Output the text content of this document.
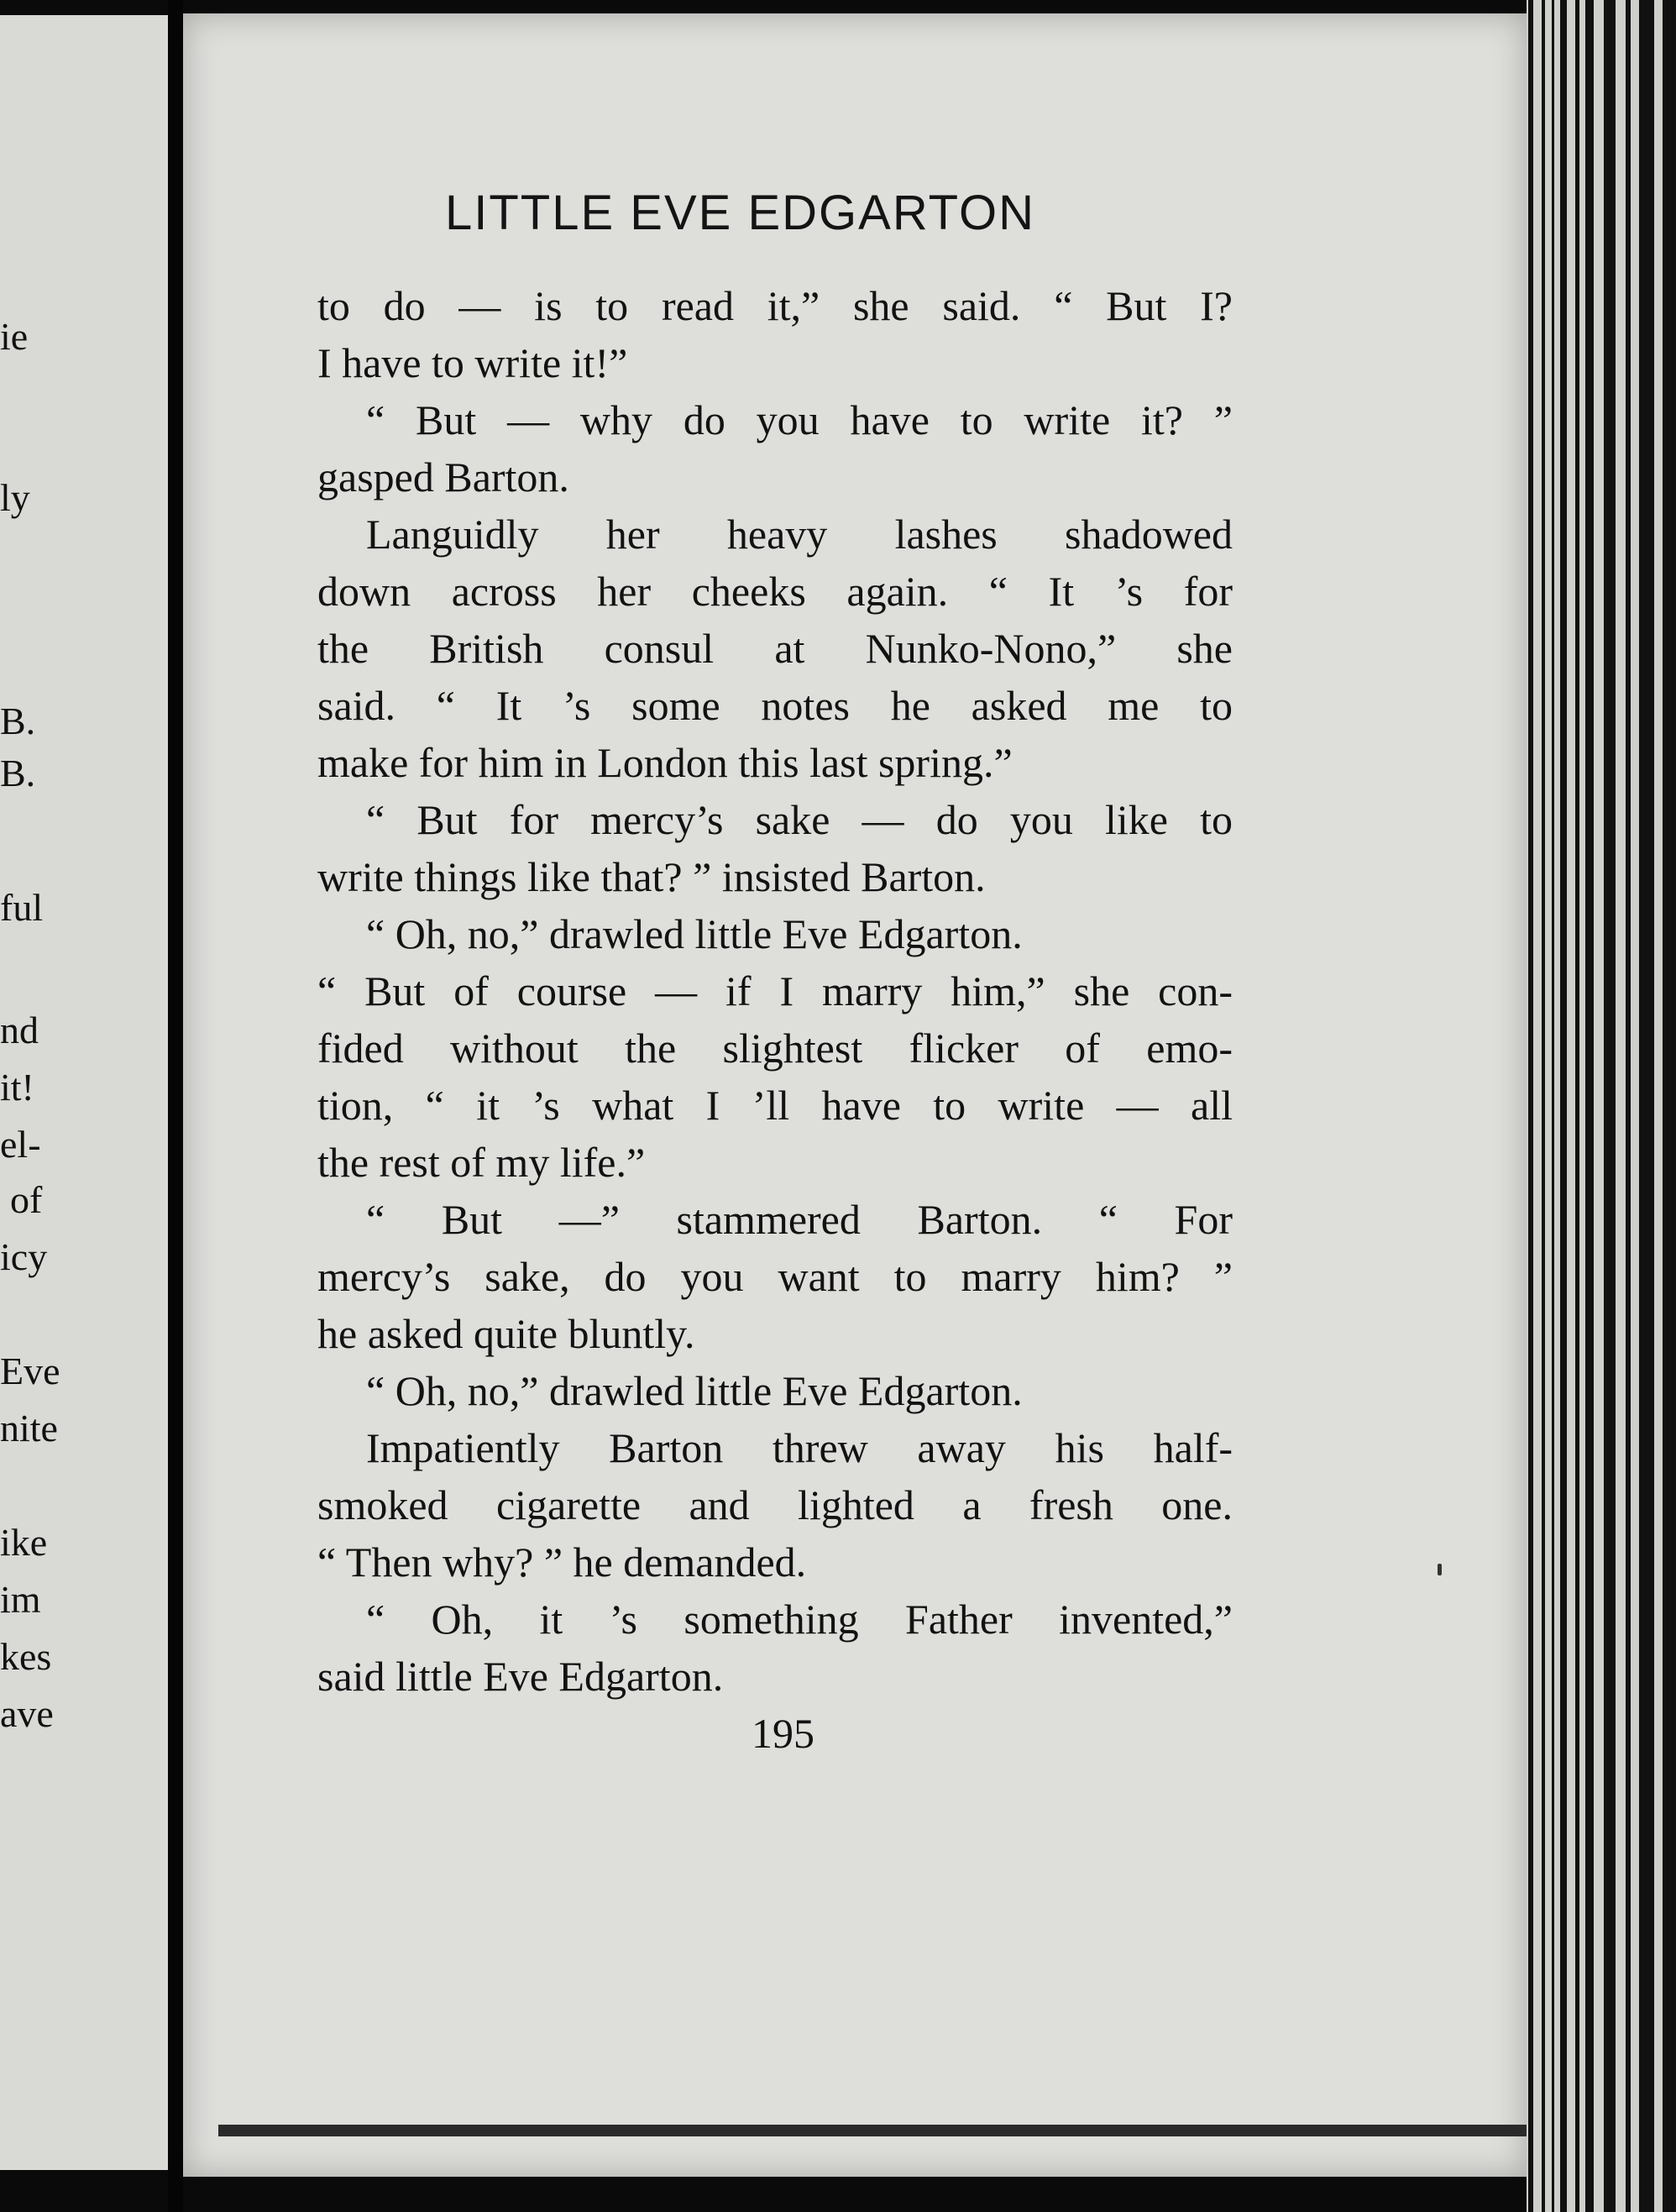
ie
ly
B.
B.
ful
nd
it!
el-
of
icy
Eve
nite
ike
im
kes
ave
LITTLE EVE EDGARTON
to do — is to read it,” she said. “ But I?
I have to write it!”
“ But — why do you have to write it? ”
gasped Barton.
Languidly her heavy lashes shadowed
down across her cheeks again. “ It ’s for
the British consul at Nunko-Nono,” she
said. “ It ’s some notes he asked me to
make for him in London this last spring.”
“ But for mercy’s sake — do you like to
write things like that? ” insisted Barton.
“ Oh, no,” drawled little Eve Edgarton.
“ But of course — if I marry him,” she con-
fided without the slightest flicker of emo-
tion, “ it ’s what I ’ll have to write — all
the rest of my life.”
“ But —” stammered Barton. “ For
mercy’s sake, do you want to marry him? ”
he asked quite bluntly.
“ Oh, no,” drawled little Eve Edgarton.
Impatiently Barton threw away his half-
smoked cigarette and lighted a fresh one.
“ Then why? ” he demanded.
“ Oh, it ’s something Father invented,”
said little Eve Edgarton.
195
